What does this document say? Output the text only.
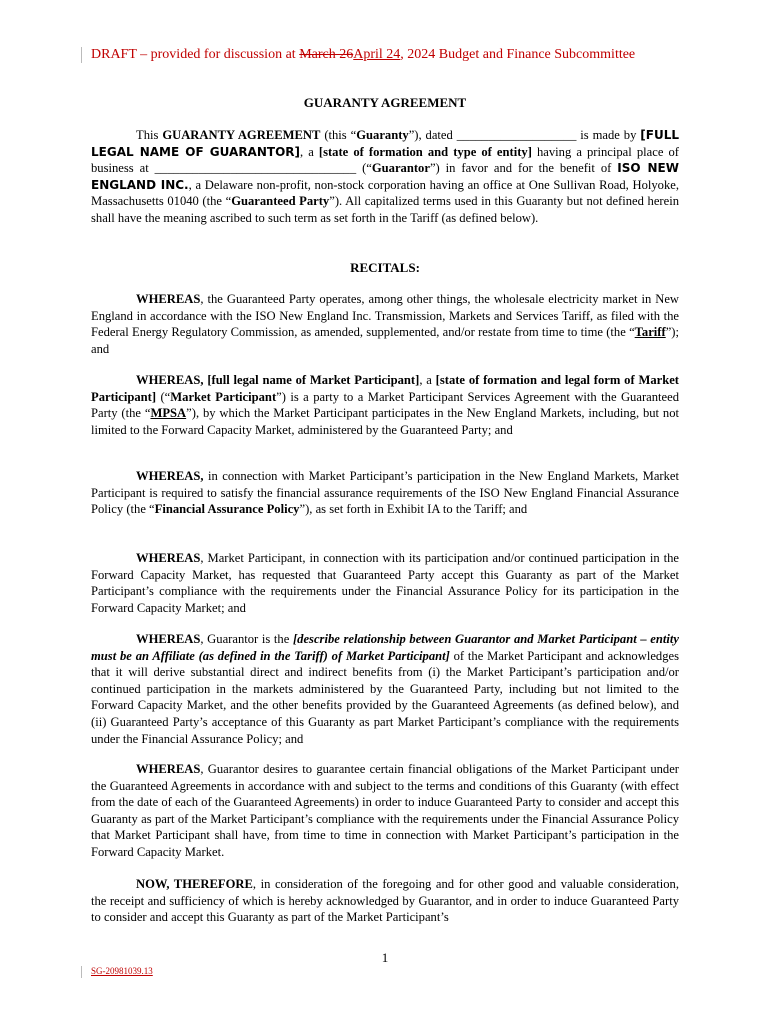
DRAFT – provided for discussion at March 26April 24, 2024 Budget and Finance Subcommittee
GUARANTY AGREEMENT

This GUARANTY AGREEMENT (this “Guaranty”), dated ___________________ is made by [FULL LEGAL NAME OF GUARANTOR], a [state of formation and type of entity] having a principal place of business at ________________________________ (“Guarantor”) in favor and for the benefit of ISO NEW ENGLAND INC., a Delaware non-profit, non-stock corporation having an office at One Sullivan Road, Holyoke, Massachusetts 01040 (the “Guaranteed Party”). All capitalized terms used in this Guaranty but not defined herein shall have the meaning ascribed to such term as set forth in the Tariff (as defined below).

RECITALS:

WHEREAS, the Guaranteed Party operates, among other things, the wholesale electricity market in New England in accordance with the ISO New England Inc. Transmission, Markets and Services Tariff, as filed with the Federal Energy Regulatory Commission, as amended, supplemented, and/or restate from time to time (the “Tariff”); and

WHEREAS, [full legal name of Market Participant], a [state of formation and legal form of Market Participant] (“Market Participant”) is a party to a Market Participant Services Agreement with the Guaranteed Party (the “MPSA”), by which the Market Participant participates in the New England Markets, including, but not limited to the Forward Capacity Market, administered by the Guaranteed Party; and

WHEREAS, in connection with Market Participant’s participation in the New England Markets, Market Participant is required to satisfy the financial assurance requirements of the ISO New England Financial Assurance Policy (the “Financial Assurance Policy”), as set forth in Exhibit IA to the Tariff; and

WHEREAS, Market Participant, in connection with its participation and/or continued participation in the Forward Capacity Market, has requested that Guaranteed Party accept this Guaranty as part of the Market Participant’s compliance with the requirements under the Financial Assurance Policy for its participation in the Forward Capacity Market; and

WHEREAS, Guarantor is the [describe relationship between Guarantor and Market Participant – entity must be an Affiliate (as defined in the Tariff) of Market Participant] of the Market Participant and acknowledges that it will derive substantial direct and indirect benefits from (i) the Market Participant’s participation and/or continued participation in the markets administered by the Guaranteed Party, including but not limited to the Forward Capacity Market, and the other benefits provided by the Guaranteed Agreements (as defined below), and (ii) Guaranteed Party’s acceptance of this Guaranty as part Market Participant’s compliance with the requirements under the Financial Assurance Policy; and

WHEREAS, Guarantor desires to guarantee certain financial obligations of the Market Participant under the Guaranteed Agreements in accordance with and subject to the terms and conditions of this Guaranty (with effect from the date of each of the Guaranteed Agreements) in order to induce Guaranteed Party to consider and accept this Guaranty as part of the Market Participant’s compliance with the requirements under the Financial Assurance Policy that Market Participant shall have, from time to time in connection with Market Participant’s participation in the Forward Capacity Market.

NOW, THEREFORE, in consideration of the foregoing and for other good and valuable consideration, the receipt and sufficiency of which is hereby acknowledged by Guarantor, and in order to induce Guaranteed Party to consider and accept this Guaranty as part of the Market Participant’s

1
SG-20981039.13
